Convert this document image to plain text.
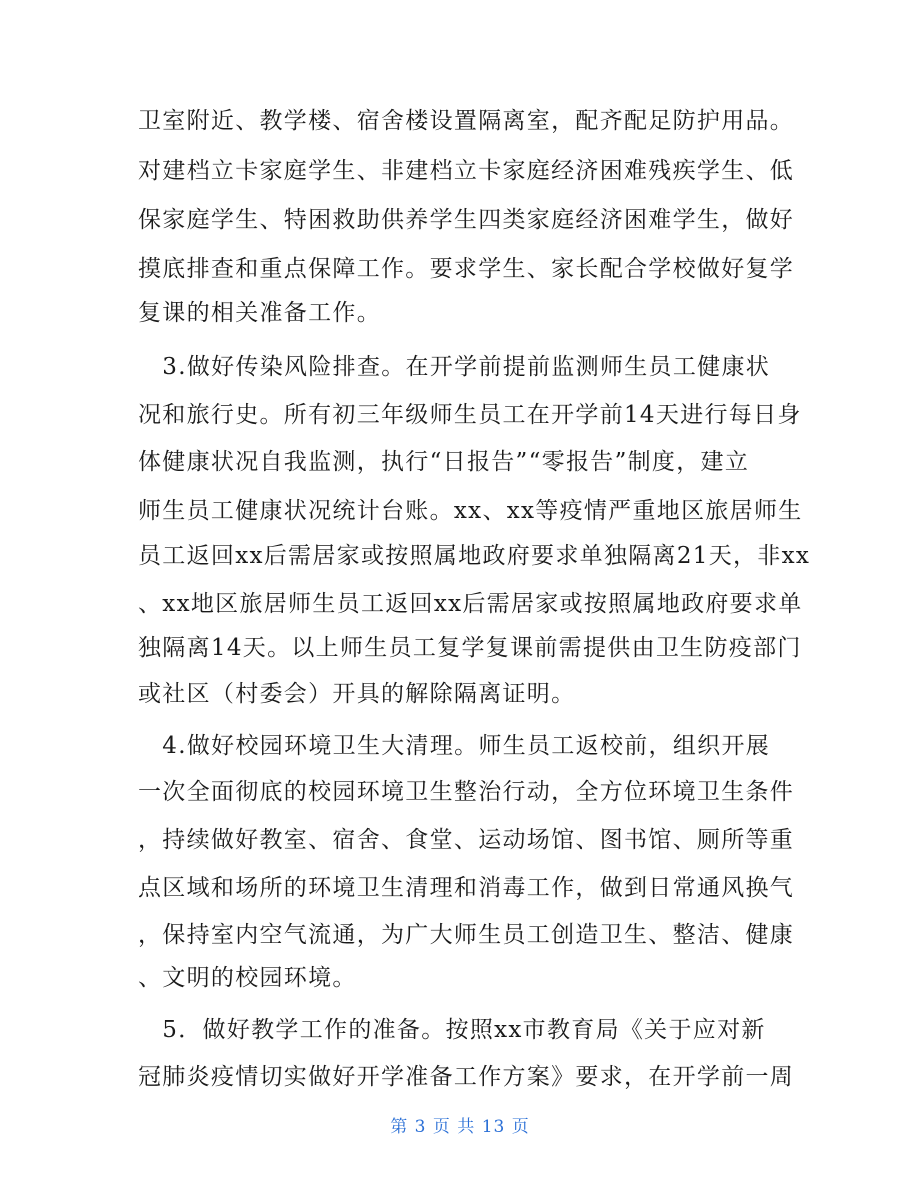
卫室附近、教学楼、宿舍楼设置隔离室，配齐配足防护用品。
对建档立卡家庭学生、非建档立卡家庭经济困难残疾学生、低
保家庭学生、特困救助供养学生四类家庭经济困难学生，做好
摸底排查和重点保障工作。要求学生、家长配合学校做好复学
复课的相关准备工作。
　3.做好传染风险排查。在开学前提前监测师生员工健康状
况和旅行史。所有初三年级师生员工在开学前14天进行每日身
体健康状况自我监测，执行“日报告”“零报告”制度，建立
师生员工健康状况统计台账。xx、xx等疫情严重地区旅居师生
员工返回xx后需居家或按照属地政府要求单独隔离21天，非xx
、xx地区旅居师生员工返回xx后需居家或按照属地政府要求单
独隔离14天。以上师生员工复学复课前需提供由卫生防疫部门
或社区（村委会）开具的解除隔离证明。
　4.做好校园环境卫生大清理。师生员工返校前，组织开展
一次全面彻底的校园环境卫生整治行动，全方位环境卫生条件
，持续做好教室、宿舍、食堂、运动场馆、图书馆、厕所等重
点区域和场所的环境卫生清理和消毒工作，做到日常通风换气
，保持室内空气流通，为广大师生员工创造卫生、整洁、健康
、文明的校园环境。
　5．做好教学工作的准备。按照xx市教育局《关于应对新
冠肺炎疫情切实做好开学准备工作方案》要求，在开学前一周
第 3 页 共 13 页
